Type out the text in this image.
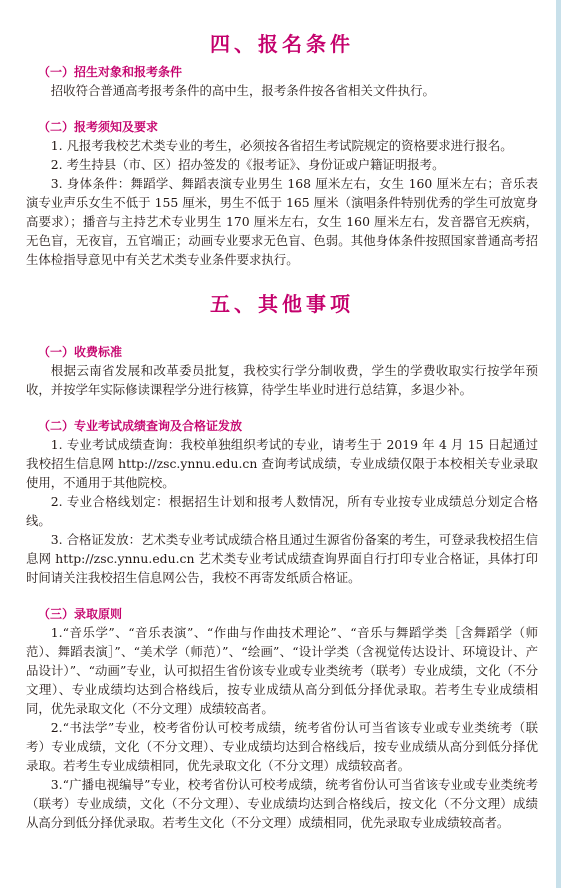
四、报名条件
（一）招生对象和报考条件

招收符合普通高考报考条件的高中生，报考条件按各省相关文件执行。

（二）报考须知及要求

1. 凡报考我校艺术类专业的考生，必须按各省招生考试院规定的资格要求进行报名。

2. 考生持县（市、区）招办签发的《报考证》、身份证或户籍证明报考。

3. 身体条件：舞蹈学、舞蹈表演专业男生 168 厘米左右，女生 160 厘米左右；音乐表演专业声乐女生不低于 155 厘米，男生不低于 165 厘米（演唱条件特别优秀的学生可放宽身高要求）；播音与主持艺术专业男生 170 厘米左右，女生 160 厘米左右，发音器官无疾病，无色盲，无夜盲，五官端正；动画专业要求无色盲、色弱。其他身体条件按照国家普通高考招生体检指导意见中有关艺术类专业条件要求执行。

五、其他事项
（一）收费标准

根据云南省发展和改革委员批复，我校实行学分制收费，学生的学费收取实行按学年预收，并按学年实际修读课程学分进行核算，待学生毕业时进行总结算，多退少补。

（二）专业考试成绩查询及合格证发放

1. 专业考试成绩查询：我校单独组织考试的专业，请考生于 2019 年 4 月 15 日起通过我校招生信息网 http://zsc.ynnu.edu.cn 查询考试成绩，专业成绩仅限于本校相关专业录取使用，不通用于其他院校。

2. 专业合格线划定：根据招生计划和报考人数情况，所有专业按专业成绩总分划定合格线。

3. 合格证发放：艺术类专业考试成绩合格且通过生源省份备案的考生，可登录我校招生信息网 http://zsc.ynnu.edu.cn 艺术类专业考试成绩查询界面自行打印专业合格证，具体打印时间请关注我校招生信息网公告，我校不再寄发纸质合格证。

（三）录取原则

1.“音乐学”、“音乐表演”、“作曲与作曲技术理论”、“音乐与舞蹈学类［含舞蹈学（师范）、舞蹈表演］”、“美术学（师范）”、“绘画”、“设计学类（含视觉传达设计、环境设计、产品设计）”、“动画”专业，认可拟招生省份该专业或专业类统考（联考）专业成绩，文化（不分文理）、专业成绩均达到合格线后，按专业成绩从高分到低分择优录取。若考生专业成绩相同，优先录取文化（不分文理）成绩较高者。

2.“书法学”专业，校考省份认可校考成绩，统考省份认可当省该专业或专业类统考（联考）专业成绩，文化（不分文理）、专业成绩均达到合格线后，按专业成绩从高分到低分择优录取。若考生专业成绩相同，优先录取文化（不分文理）成绩较高者。

3.“广播电视编导”专业，校考省份认可校考成绩，统考省份认可当省该专业或专业类统考（联考）专业成绩，文化（不分文理）、专业成绩均达到合格线后，按文化（不分文理）成绩从高分到低分择优录取。若考生文化（不分文理）成绩相同，优先录取专业成绩较高者。
